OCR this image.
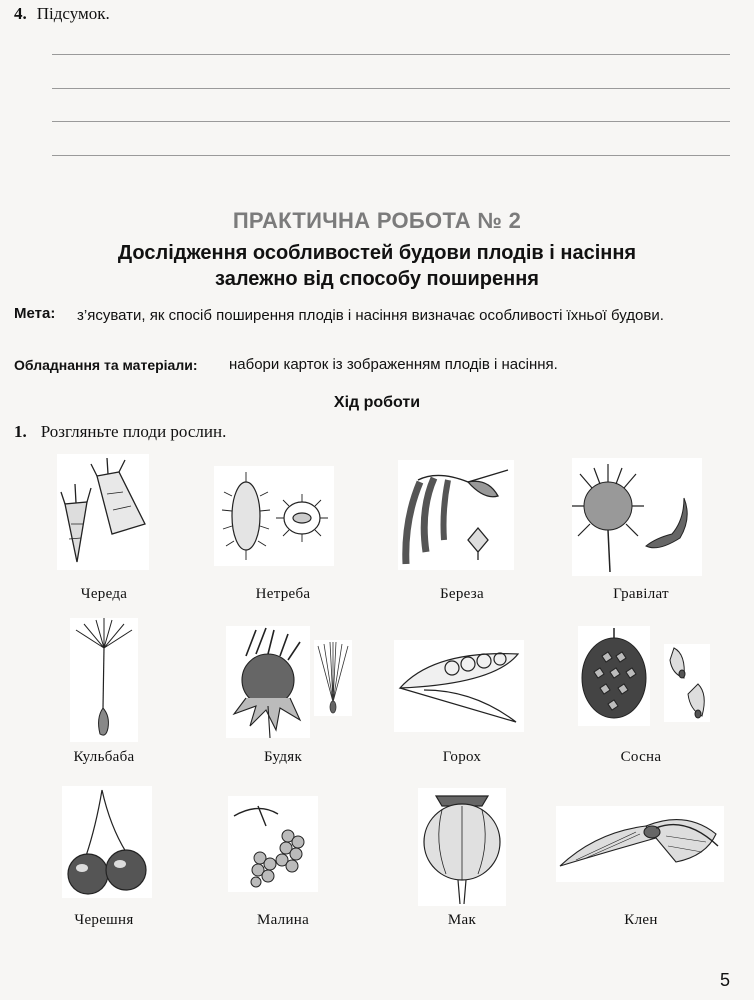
4. Підсумок.
ПРАКТИЧНА РОБОТА № 2
Дослідження особливостей будови плодів і насіння
залежно від способу поширення
Мета: з’ясувати, як спосіб поширення плодів і насіння визначає особливості їхньої будови.
Обладнання та матеріали: набори карток із зображенням плодів і насіння.
Хід роботи
1. Розгляньте плоди рослин.
Череда	Нетреба	Береза	Гравілат
Кульбаба	Будяк	Горох	Сосна
Черешня	Малина	Мак	Клен
5
